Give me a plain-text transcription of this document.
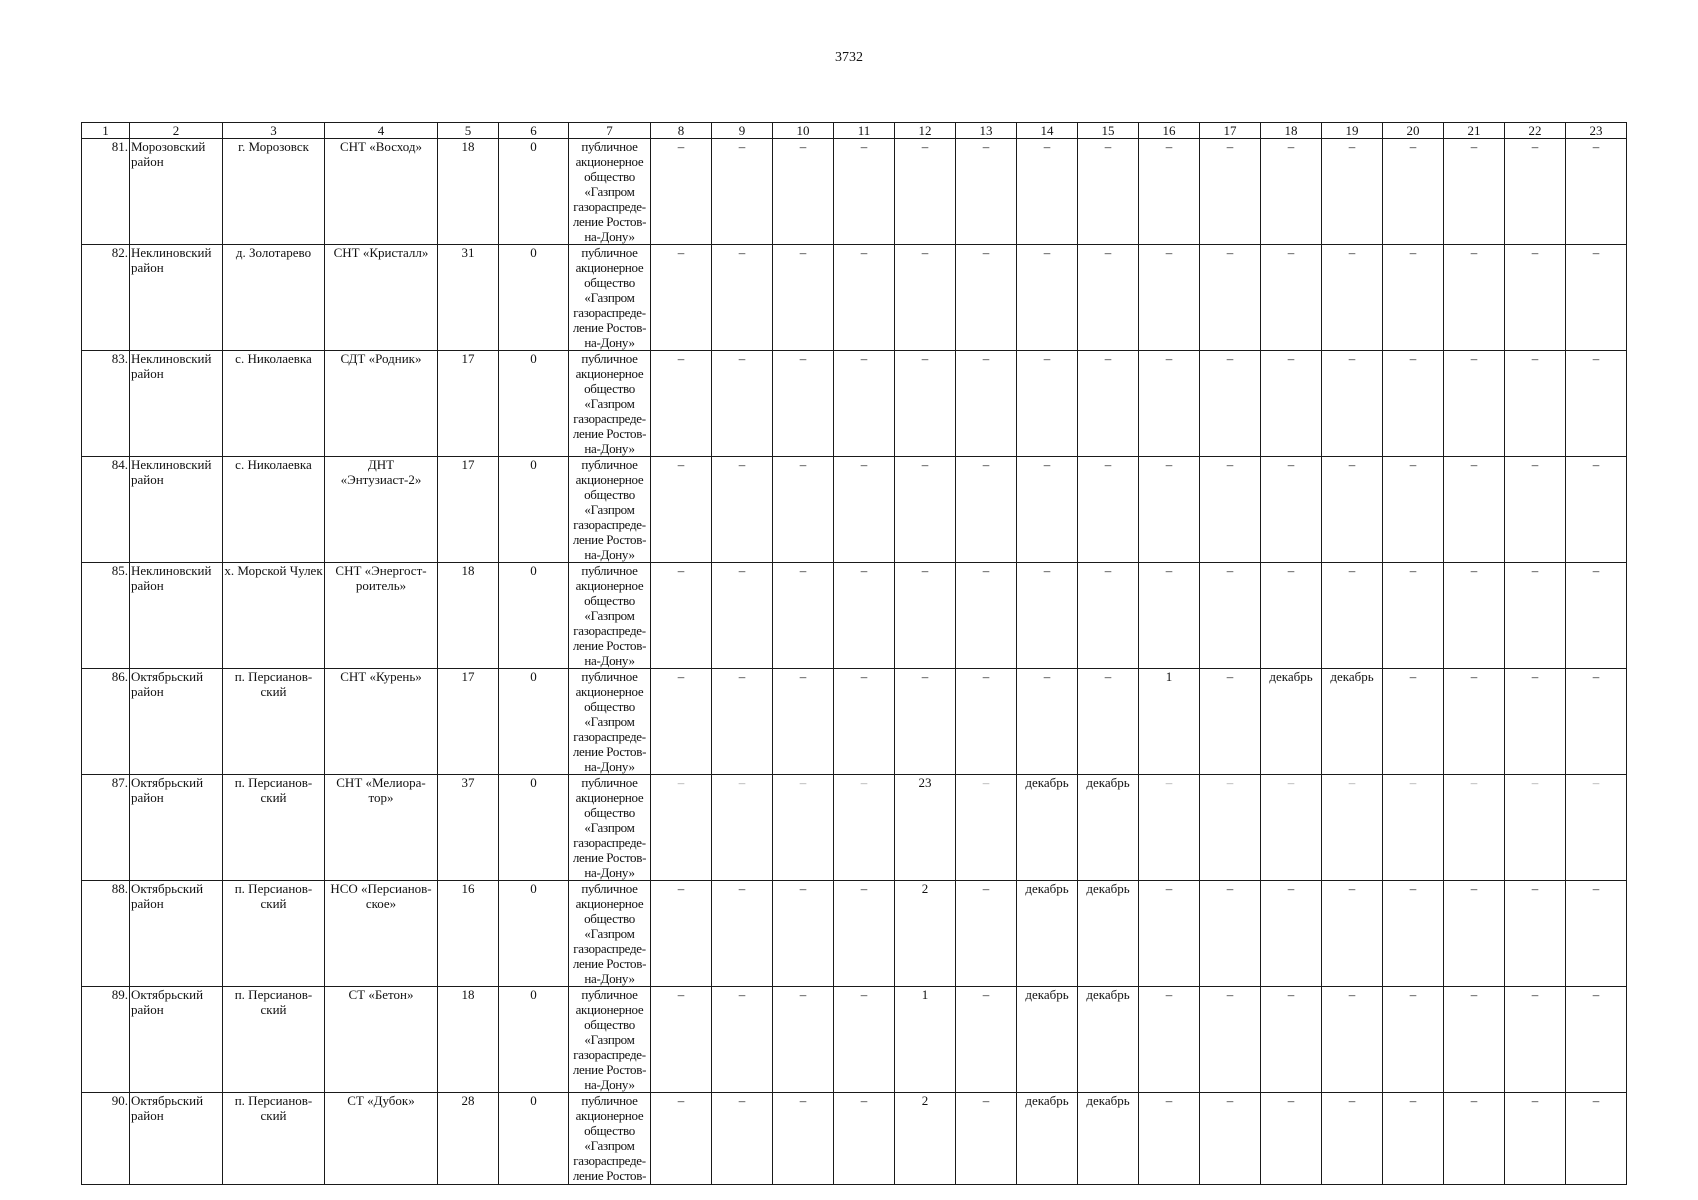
3732
1	2	3	4	5	6	7	8	9	10	11	12	13	14	15	16	17	18	19	20	21	22	23
81.	Морозовский район	г. Морозовск	СНТ «Восход»	18	0	публичное акционерное общество «Газпром газораспреде-ление Ростов-на-Дону»	–	–	–	–	–	–	–	–	–	–	–	–	–	–	–	–
82.	Неклиновский район	д. Золотарево	СНТ «Кристалл»	31	0	публичное акционерное общество «Газпром газораспреде-ление Ростов-на-Дону»	–	–	–	–	–	–	–	–	–	–	–	–	–	–	–	–
83.	Неклиновский район	с. Николаевка	СДТ «Родник»	17	0	публичное акционерное общество «Газпром газораспреде-ление Ростов-на-Дону»	–	–	–	–	–	–	–	–	–	–	–	–	–	–	–	–
84.	Неклиновский район	с. Николаевка	ДНТ «Энтузиаст-2»	17	0	публичное акционерное общество «Газпром газораспреде-ление Ростов-на-Дону»	–	–	–	–	–	–	–	–	–	–	–	–	–	–	–	–
85.	Неклиновский район	х. Морской Чулек	СНТ «Энергост-роитель»	18	0	публичное акционерное общество «Газпром газораспреде-ление Ростов-на-Дону»	–	–	–	–	–	–	–	–	–	–	–	–	–	–	–	–
86.	Октябрьский район	п. Персианов-ский	СНТ «Курень»	17	0	публичное акционерное общество «Газпром газораспреде-ление Ростов-на-Дону»	–	–	–	–	–	–	–	–	1	–	декабрь	декабрь	–	–	–	–
87.	Октябрьский район	п. Персианов-ский	СНТ «Мелиора-тор»	37	0	публичное акционерное общество «Газпром газораспреде-ление Ростов-на-Дону»	–	–	–	–	23	–	декабрь	декабрь	–	–	–	–	–	–	–	–
88.	Октябрьский район	п. Персианов-ский	НСО «Персианов-ское»	16	0	публичное акционерное общество «Газпром газораспреде-ление Ростов-на-Дону»	–	–	–	–	2	–	декабрь	декабрь	–	–	–	–	–	–	–	–
89.	Октябрьский район	п. Персианов-ский	СТ «Бетон»	18	0	публичное акционерное общество «Газпром газораспреде-ление Ростов-на-Дону»	–	–	–	–	1	–	декабрь	декабрь	–	–	–	–	–	–	–	–
90.	Октябрьский район	п. Персианов-ский	СТ «Дубок»	28	0	публичное акционерное общество «Газпром газораспреде-ление Ростов-	–	–	–	–	2	–	декабрь	декабрь	–	–	–	–	–	–	–	–
